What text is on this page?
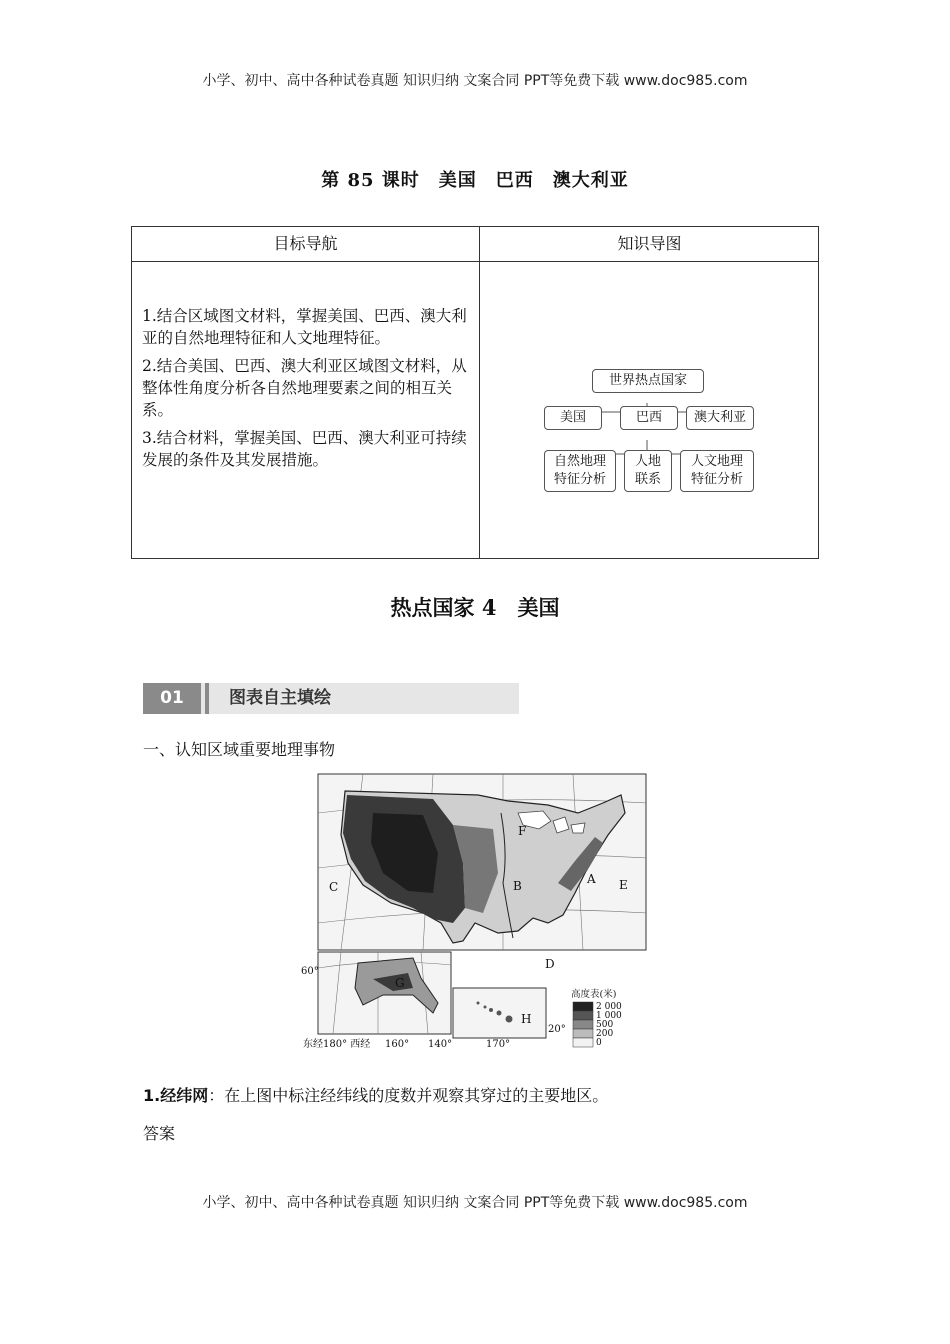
小学、初中、高中各种试卷真题 知识归纳 文案合同 PPT等免费下载 www.doc985.com
第 85 课时　美国　巴西　澳大利亚
目标导航	知识导图

1.结合区域图文材料，掌握美国、巴西、澳大利亚的自然地理特征和人文地理特征。

2.结合美国、巴西、澳大利亚区域图文材料，从整体性角度分析各自然地理要素之间的相互关系。

3.结合材料，掌握美国、巴西、澳大利亚可持续发展的条件及其发展措施。

世界热点国家
美国	巴西	澳大利亚
自然地理
特征分析
人地
联系
人文地理
特征分析
热点国家 4　美国
01	图表自主填绘
一、认知区域重要地理事物
C	B	A E
F
D
G
60°
东经180° 西经 160° 140°
H
170°
20°
高度表(米)
2 000
1 000
500
200
0
1.经纬网：在上图中标注经纬线的度数并观察其穿过的主要地区。
答案
小学、初中、高中各种试卷真题 知识归纳 文案合同 PPT等免费下载 www.doc985.com
